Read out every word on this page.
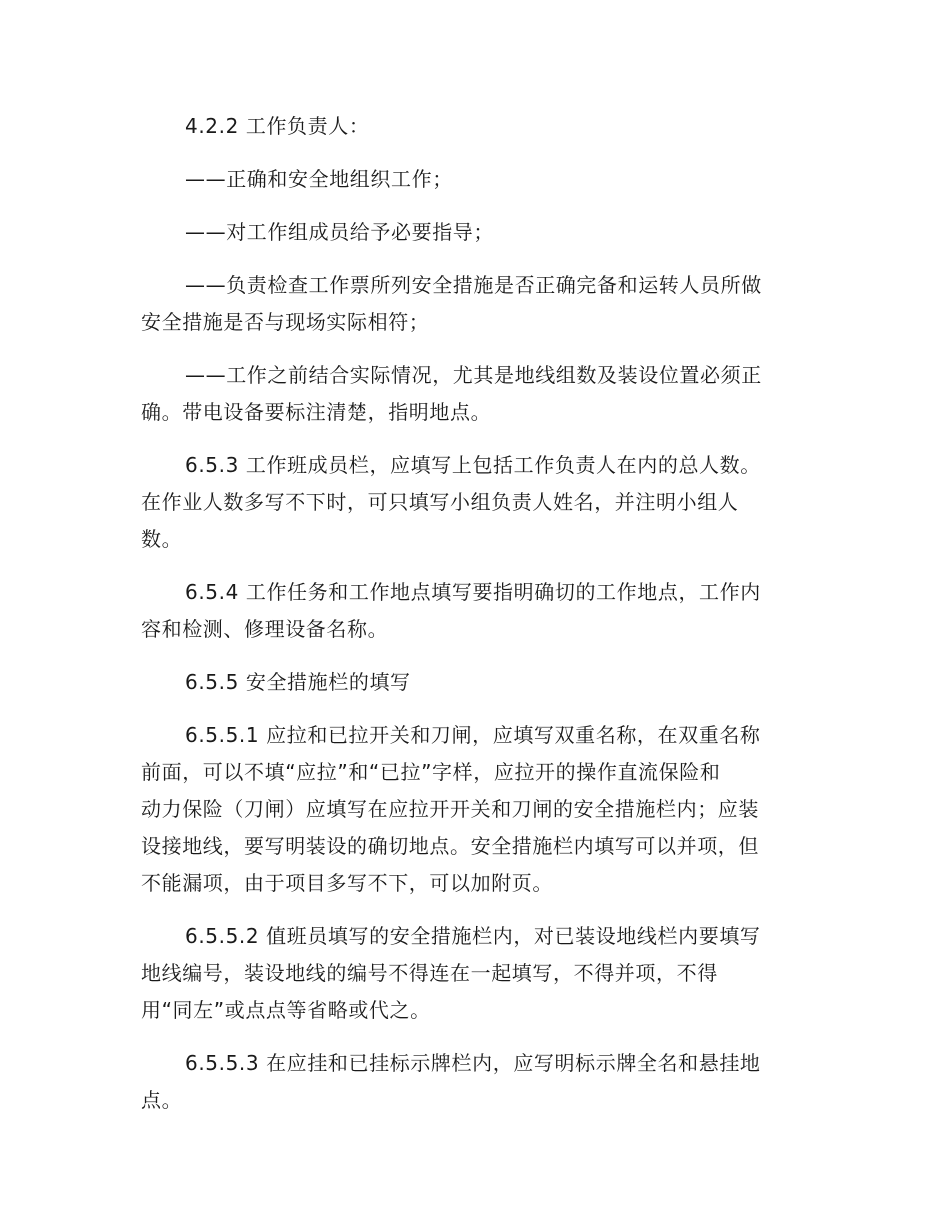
4.2.2 工作负责人：
——正确和安全地组织工作；
——对工作组成员给予必要指导；
——负责检查工作票所列安全措施是否正确完备和运转人员所做
安全措施是否与现场实际相符；
——工作之前结合实际情况，尤其是地线组数及装设位置必须正
确。带电设备要标注清楚，指明地点。
6.5.3 工作班成员栏，应填写上包括工作负责人在内的总人数。
在作业人数多写不下时，可只填写小组负责人姓名，并注明小组人
数。
6.5.4 工作任务和工作地点填写要指明确切的工作地点，工作内
容和检测、修理设备名称。
6.5.5 安全措施栏的填写
6.5.5.1 应拉和已拉开关和刀闸，应填写双重名称，在双重名称
前面，可以不填“应拉”和“已拉”字样，应拉开的操作直流保险和
动力保险（刀闸）应填写在应拉开开关和刀闸的安全措施栏内；应装
设接地线，要写明装设的确切地点。安全措施栏内填写可以并项，但
不能漏项，由于项目多写不下，可以加附页。
6.5.5.2 值班员填写的安全措施栏内，对已装设地线栏内要填写
地线编号，装设地线的编号不得连在一起填写，不得并项，不得
用“同左”或点点等省略或代之。
6.5.5.3 在应挂和已挂标示牌栏内，应写明标示牌全名和悬挂地
点。
